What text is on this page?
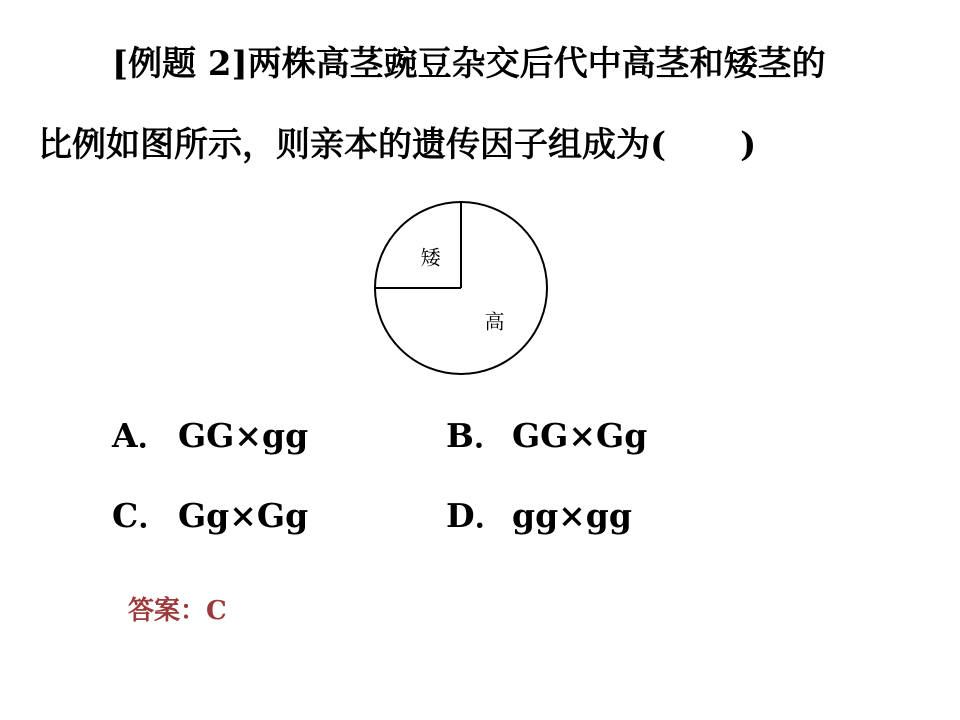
[例题 2]两株高茎豌豆杂交后代中高茎和矮茎的
比例如图所示，则亲本的遗传因子组成为( )
高
矮
A． GG×gg	B． GG×Gg
C． Gg×Gg	D． gg×gg
答案：C
